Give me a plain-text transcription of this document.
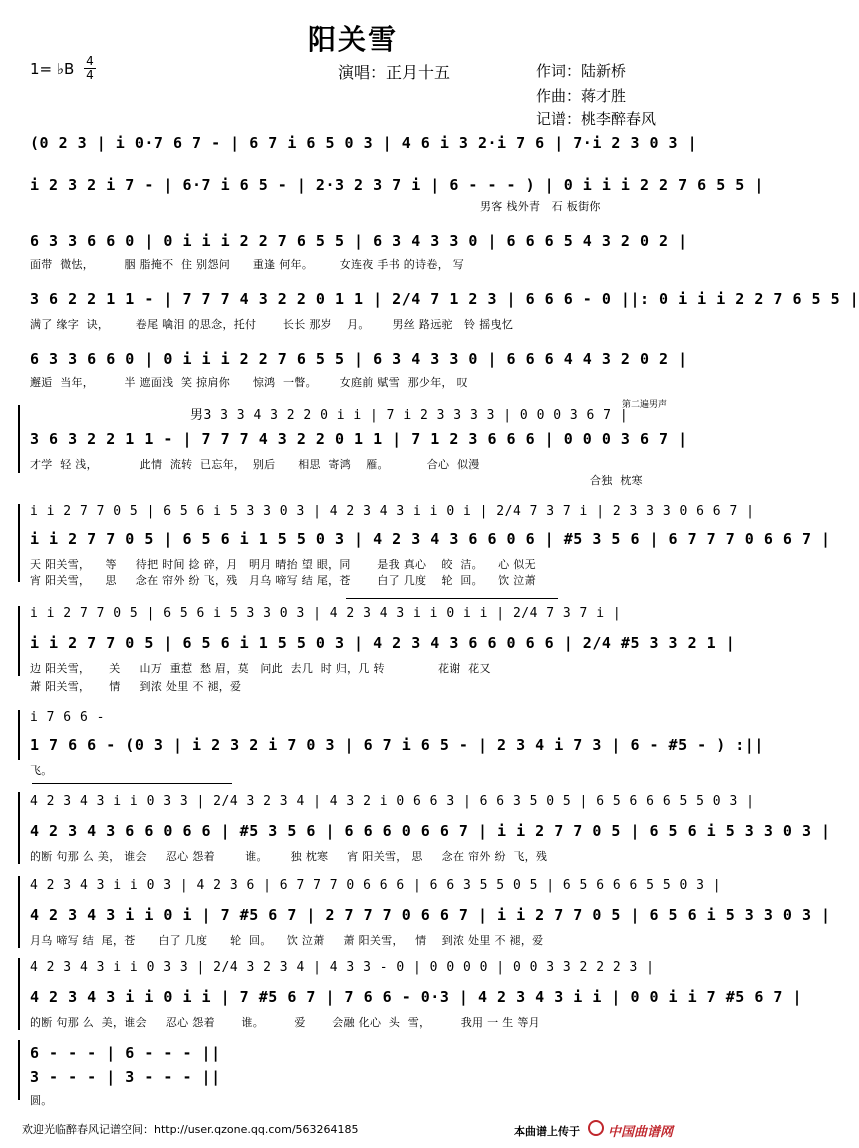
阳关雪
1= ♭B 4
4	演唱：正月十五	作词：陆新桥
作曲：蒋才胜
记谱：桃李醉春风
(0 2 3 | i 0·7 6 7 - | 6 7 i 6 5 0 3 | 4 6 i 3 2·i 7 6 | 7·i 2 3 0 3 |
i 2 3 2 i 7 - | 6·7 i 6 5 - | 2·3 2 3 7 i | 6 - - - ) | 0 i i i 2 2 7 6 5 5 |
男客 栈外青   石 板街你
6 3 3 6 6 0 | 0 i i i 2 2 7 6 5 5 | 6 3 4 3 3 0 | 6 6 6 5 4 3 2 0 2 |
面带  微怯，        胭 脂掩不  住 别怨问      重逢 何年。       女连夜 手书 的诗卷， 写
3 6 2 2 1 1 - | 7 7 7 4 3 2 2 0 1 1 | 2/4 7 1 2 3 | 6 6 6 - 0 ||: 0 i i i 2 2 7 6 5 5 |
满了 缘字  诀，       卷尾 噙泪 的思念，托付       长长 那岁    月。      男丝 路远驼   铃 摇曳忆
6 3 3 6 6 0 | 0 i i i 2 2 7 6 5 5 | 6 3 4 3 3 0 | 6 6 6 4 4 3 2 0 2 |
邂逅  当年，        半 遮面浅  笑 掠肩你      惊鸿  一瞥。      女庭前 赋雪  那少年， 叹
男3 3 3 4 3 2 2 0 i i | 7 i 2 3 3 3 3 | 0 0 0 3 6 7 |
第二遍男声
3 6 3 2 2 1 1 - | 7 7 7 4 3 2 2 0 1 1 | 7 1 2 3 6 6 6 | 0 0 0 3 6 7 |
才学  轻 浅，           此情  流转  已忘年，  别后      相思  寄鸿    雁。          合心  似漫
合独  枕寒
i i 2 7 7 0 5 | 6 5 6 i 5 3 3 0 3 | 4 2 3 4 3 i i 0 i | 2/4 7 3 7 i | 2 3 3 3 0 6 6 7 |
i i 2 7 7 0 5 | 6 5 6 i 1 5 5 0 3 | 4 2 3 4 3 6 6 0 6 | #5 3 5 6 | 6 7 7 7 0 6 6 7 |
天 阳关雪，    等     待把 时间 捻 碎，月   明月 晴抬 望 眼，同       是我 真心    皎  洁。    心 似无
宵 阳关雪，    思     念在 帘外 纷 飞，残   月乌 啼写 结 尾，苍       白了 几度    轮  回。    饮 泣萧
i i 2 7 7 0 5 | 6 5 6 i 5 3 3 0 3 | 4 2 3 4 3 i i 0 i i | 2/4 7 3 7 i |
i i 2 7 7 0 5 | 6 5 6 i 1 5 5 0 3 | 4 2 3 4 3 6 6 0 6 6 | 2/4 #5 3 3 2 1 |
边 阳关雪，     关     山万  重惹  愁 眉，莫   问此  去几  时 归，几 转              花谢  花又
萧 阳关雪，     情     到浓 处里 不 褪，爱
i 7 6 6 -
1 7 6 6 - (0 3 | i 2 3 2 i 7 0 3 | 6 7 i 6 5 - | 2 3 4 i 7 3 | 6 - #5 - ) :||
飞。
4 2 3 4 3 i i 0 3 3 | 2/4 3 2 3 4 | 4 3 2 i 0 6 6 3 | 6 6 3 5 0 5 | 6 5 6 6 6 5 5 0 3 |
4 2 3 4 3 6 6 0 6 6 | #5 3 5 6 | 6 6 6 0 6 6 7 | i i 2 7 7 0 5 | 6 5 6 i 5 3 3 0 3 |
的断 句那 么 美， 谁会     忍心 怨着        谁。      独 枕寒     宵 阳关雪， 思     念在 帘外 纷  飞，残
4 2 3 4 3 i i 0 3 | 4 2 3 6 | 6 7 7 7 0 6 6 6 | 6 6 3 5 5 0 5 | 6 5 6 6 6 5 5 0 3 |
4 2 3 4 3 i i 0 i | 7 #5 6 7 | 2 7 7 7 0 6 6 7 | i i 2 7 7 0 5 | 6 5 6 i 5 3 3 0 3 |
月乌 啼写 结  尾，苍      白了 几度      轮  回。    饮 泣萧     萧 阳关雪，   情    到浓 处里 不 褪，爱
4 2 3 4 3 i i 0 3 3 | 2/4 3 2 3 4 | 4 3 3 - 0 | 0 0 0 0 | 0 0 3 3 2 2 2 3 |
4 2 3 4 3 i i 0 i i | 7 #5 6 7 | 7 6 6 - 0·3 | 4 2 3 4 3 i i | 0 0 i i 7 #5 6 7 |
的断 句那 么  美，谁会     忍心 怨着       谁。        爱       会融 化心  头  雪，        我用 一 生 等月
6 - - - | 6 - - - ||
3 - - - | 3 - - - ||
圆。
欢迎光临醉春风记谱空间：http://user.qzone.qq.com/563264185	本曲谱上传于 中国曲谱网
